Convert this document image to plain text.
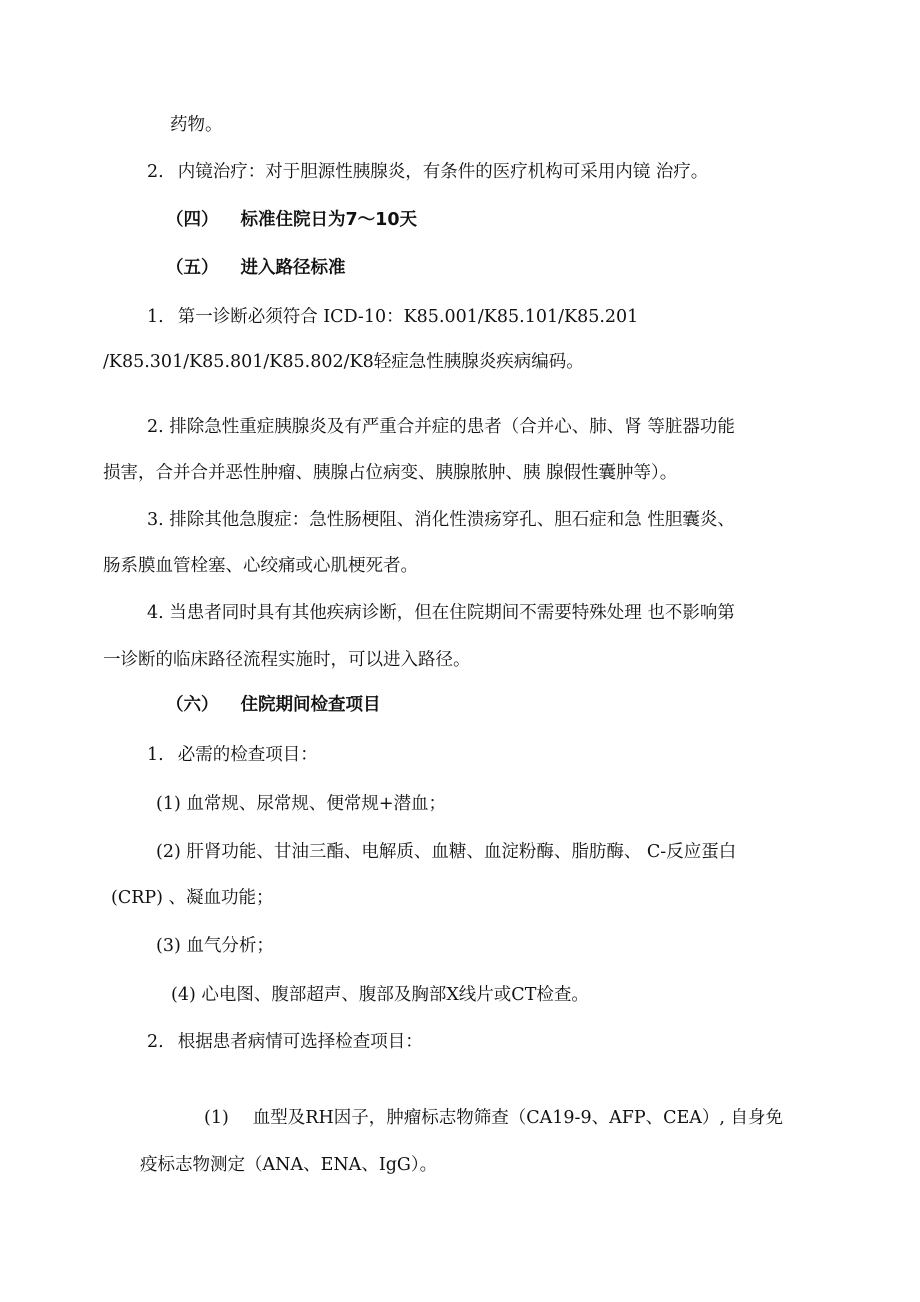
药物。
2. 内镜治疗：对于胆源性胰腺炎，有条件的医疗机构可采用内镜 治疗。
（四） 标准住院日为7～10天
（五） 进入路径标准
1. 第一诊断必须符合 ICD-10：K85.001/K85.101/K85.201
/K85.301/K85.801/K85.802/K8轻症急性胰腺炎疾病编码。
2. 排除急性重症胰腺炎及有严重合并症的患者（合并心、肺、肾 等脏器功能
损害，合并合并恶性肿瘤、胰腺占位病变、胰腺脓肿、胰 腺假性囊肿等）。
3. 排除其他急腹症：急性肠梗阻、消化性溃疡穿孔、胆石症和急 性胆囊炎、
肠系膜血管栓塞、心绞痛或心肌梗死者。
4. 当患者同时具有其他疾病诊断，但在住院期间不需要特殊处理 也不影响第
一诊断的临床路径流程实施时，可以进入路径。
（六） 住院期间检查项目
1. 必需的检查项目：
(1) 血常规、尿常规、便常规+潜血；
(2) 肝肾功能、甘油三酯、电解质、血糖、血淀粉酶、脂肪酶、 C-反应蛋白
(CRP) 、凝血功能；
(3) 血气分析；
(4) 心电图、腹部超声、腹部及胸部X线片或CT检查。
2. 根据患者病情可选择检查项目：
(1) 血型及RH因子，肿瘤标志物筛查（CA19-9、AFP、CEA）, 自身免
疫标志物测定（ANA、ENA、IgG）。
